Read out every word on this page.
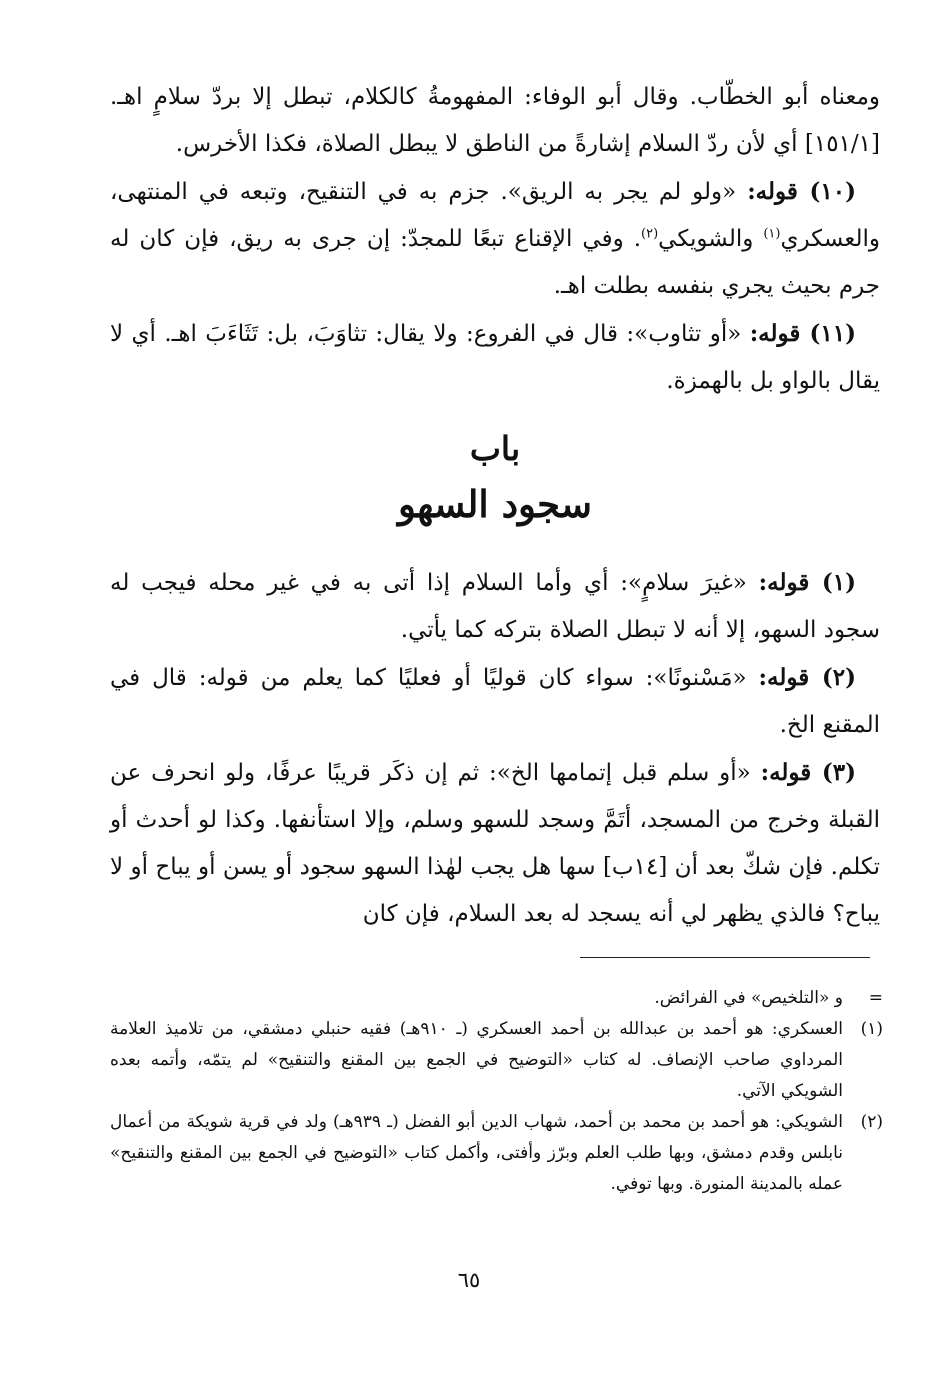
ومعناه أبو الخطّاب. وقال أبو الوفاء: المفهومةُ كالكلام، تبطل إلا بردّ سلامٍ اهـ. [١٥١/١] أي لأن ردّ السلام إشارةً من الناطق لا يبطل الصلاة، فكذا الأخرس.

(١٠) قوله: «ولو لم يجر به الريق». جزم به في التنقيح، وتبعه في المنتهى، والعسكري$^{(١)}$ والشويكي$^{(٢)}$. وفي الإقناع تبعًا للمجدّ: إن جرى به ريق، فإن كان له جرم بحيث يجري بنفسه بطلت اهـ.

(١١) قوله: «أو تثاوب»: قال في الفروع: ولا يقال: تثاوَبَ، بل: تَثَاءَبَ اهـ. أي لا يقال بالواو بل بالهمزة.

باب
سجود السهو

(١) قوله: «غيرَ سلامٍ»: أي وأما السلام إذا أتى به في غير محله فيجب له سجود السهو، إلا أنه لا تبطل الصلاة بتركه كما يأتي.

(٢) قوله: «مَسْنونًا»: سواء كان قوليًا أو فعليًا كما يعلم من قوله: قال في المقنع الخ.

(٣) قوله: «أو سلم قبل إتمامها الخ»: ثم إن ذكَر قريبًا عرفًا، ولو انحرف عن القبلة وخرج من المسجد، أتَمَّ وسجد للسهو وسلم، وإلا استأنفها. وكذا لو أحدث أو تكلم. فإن شكّ بعد أن [١٤ب] سها هل يجب لهٰذا السهو سجود أو يسن أو يباح أو لا يباح؟ فالذي يظهر لي أنه يسجد له بعد السلام، فإن كان

=
و «التلخيص» في الفرائض.

(١)
العسكري: هو أحمد بن عبدالله بن أحمد العسكري (ـ ٩١٠هـ) فقيه حنبلي دمشقي، من تلاميذ العلامة المرداوي صاحب الإنصاف. له كتاب «التوضيح في الجمع بين المقنع والتنقيح» لم يتمّه، وأتمه بعده الشويكي الآتي.

(٢)
الشويكي: هو أحمد بن محمد بن أحمد، شهاب الدين أبو الفضل (ـ ٩٣٩هـ) ولد في قرية شويكة من أعمال نابلس وقدم دمشق، وبها طلب العلم وبرّز وأفتى، وأكمل كتاب «التوضيح في الجمع بين المقنع والتنقيح» عمله بالمدينة المنورة. وبها توفي.

٦٥
